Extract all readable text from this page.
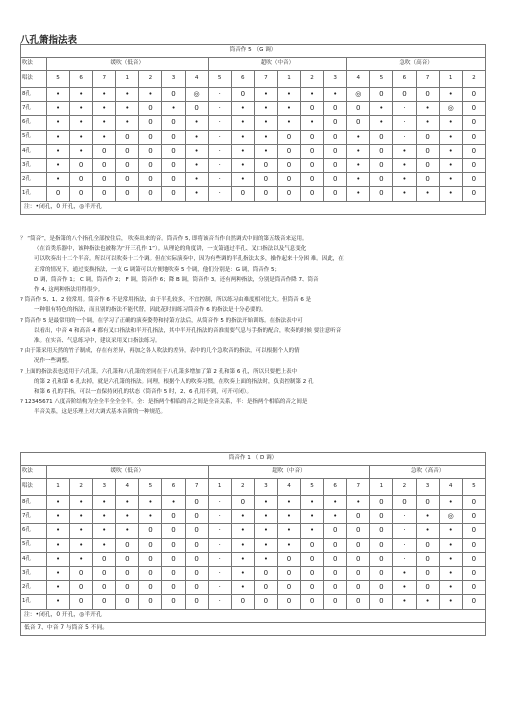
八孔箫指法表
筒音作 5 （G 调）																			
吹法	缓吹（低音）							超吹（中音）						急吹（高音）					
唱法	5	6	7	1	2	3	4	5	6	7	1	2	3	4	5	6	7	1	2
8孔	•	•	•	•	•	0	◎	·	0	•	•	•	•	◎	0	0	0	•	0
7孔	•	•	•	•	0	•	0	·	•	•	•	0	0	0	•	·	•	◎	0
6孔	•	•	•	•	0	0	•	·	•	•	•	•	0	0	•	·	•	•	0
5孔	•	•	•	0	0	0	•	·	•	•	0	0	0	•	0	·	0	•	0
4孔	•	•	0	0	0	0	•	·	•	•	0	0	0	•	0	•	0	•	0
3孔	•	0	0	0	0	0	•	·	•	0	0	0	0	•	0	•	0	•	0
2孔	•	0	0	0	0	0	•	·	•	0	0	0	0	•	0	•	0	•	0
1孔	0	0	0	0	0	0	•	·	0	0	0	0	0	•	0	•	•	•	0
注：•闭孔，0 开孔，◎半开孔																			

？ “筒音”，是指箫的八个指孔全部按住后， 吹奏出来的音。筒音作 5, 即将该音当作自然调式中间的第五级音来运用。

（在首类乐器中，该种指法也被称为“开三孔作 1”）。从理论的角度讲，一支箫通过半孔、叉口指法以及气息变化

可以吹奏出十二个半音。所以可以吹奏十二个调。但在实际演奏中，因为有些调的半孔指法太多，操作起来十分困 难。因此，在

正常的情况下，通过变换指法，一支 G 调箫可以方便地吹奏 5 个调，他们分别是：G 调，筒音作 5；

D 调，筒音作 1； C 调，筒音作 2； F 调，筒音作 6；降 B 调，筒音作 3。还有两种指法，分别是筒音作降 7、筒音

作 4, 这两种指法用得很少。

? 筒音作 5、1、2 较常用。筒音作 6 不是常用指法，由于半孔较多，不宜控制，所以练习由难度相对比大。但筒音 6 是

一种很有特色的指法，而且别的指法不能代替，因此花时间练习筒音作 6 的指法是十分必要的。

? 筒音作 5 是最常用的一个调，在学习了正确的演奏姿势和持箫方法后，从筒音作 5 的指法开始训练。在指法表中可

以看出，中音 4 和高音 4 都有叉口指法和半开孔指法，其中半开孔指法的音准需要气息与手指的配合，吹奏的时候 要注意听音

准。在实音、气息练习中，建议采用叉口指法练习。

? 由于箫采用天然的竹子制成，存在有差异，再加之各人吹法的差异，表中的几个急吹音的指法，可以根据个人的情

况作一些调整。

? 上面的指法表也适用于六孔箫，六孔箫和八孔箫的差同在于八孔箫多增加了第 2 孔和第 6 孔，所以只要把上表中

的第 2 孔和第 6 孔去掉，就是六孔箫的指法。同理，根据个人的吹奏习惯，在吹奏上面的指法时，负责控制第 2 孔

和第 6 孔的手指，可以一直保持闭孔的状态（筒音作 5 时，2、6 孔用不到，可开可闭）。

? 12345671 八度音阶结构为全全半全全全半。全：是指两个相临的音之间是全音关系，半：是指两个相临的音之间是

半音关系，这是乐理上对大调式基本音阶的一种规范。

筒音作 1 （ D 调）																			
吹法	缓吹（低音）							超吹（中音）							急吹（高音）				
唱法	1	2	3	4	5	6	7	1	2	3	4	5	6	7	1	2	3	4	5
8孔	•	•	•	•	•	•	0	·	0	•	•	•	•	•	0	0	0	•	0
7孔	•	•	•	•	•	0	0	·	•	•	•	•	•	0	0	·	•	◎	0
6孔	•	•	•	•	0	0	0	·	•	•	•	•	0	0	0	·	•	•	0
5孔	•	•	•	0	0	0	0	·	•	•	•	0	0	0	0	·	0	•	0
4孔	•	•	0	0	0	0	0	·	•	•	0	0	0	0	0	·	0	•	0
3孔	•	0	0	0	0	0	0	·	•	0	0	0	0	0	0	•	0	•	0
2孔	•	0	0	0	0	0	0	·	•	0	0	0	0	0	0	•	0	•	0
1孔	•	0	0	0	0	0	0	·	0	0	0	0	0	0	0	•	•	•	0
注：•闭孔，0 开孔，◎半开孔																			
低音 7、中音 7 与筒音 5 不同。																			
